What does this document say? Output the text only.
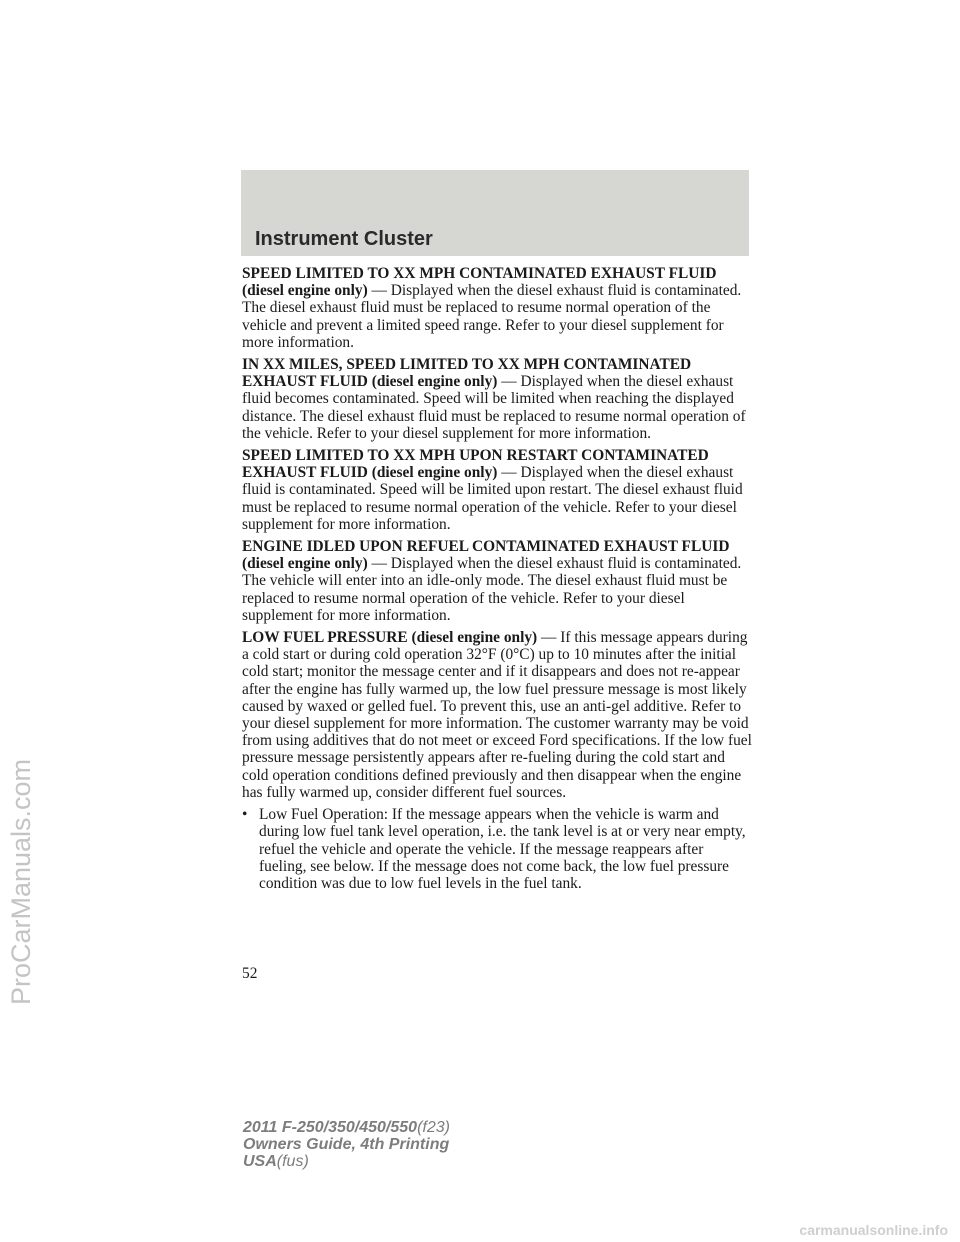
Instrument Cluster

SPEED LIMITED TO XX MPH CONTAMINATED EXHAUST FLUID (diesel engine only) — Displayed when the diesel exhaust fluid is contaminated. The diesel exhaust fluid must be replaced to resume normal operation of the vehicle and prevent a limited speed range. Refer to your diesel supplement for more information.

IN XX MILES, SPEED LIMITED TO XX MPH CONTAMINATED EXHAUST FLUID (diesel engine only) — Displayed when the diesel exhaust fluid becomes contaminated. Speed will be limited when reaching the displayed distance. The diesel exhaust fluid must be replaced to resume normal operation of the vehicle. Refer to your diesel supplement for more information.

SPEED LIMITED TO XX MPH UPON RESTART CONTAMINATED EXHAUST FLUID (diesel engine only) — Displayed when the diesel exhaust fluid is contaminated. Speed will be limited upon restart. The diesel exhaust fluid must be replaced to resume normal operation of the vehicle. Refer to your diesel supplement for more information.

ENGINE IDLED UPON REFUEL CONTAMINATED EXHAUST FLUID (diesel engine only) — Displayed when the diesel exhaust fluid is contaminated. The vehicle will enter into an idle-only mode. The diesel exhaust fluid must be replaced to resume normal operation of the vehicle. Refer to your diesel supplement for more information.

LOW FUEL PRESSURE (diesel engine only) — If this message appears during a cold start or during cold operation 32°F (0°C) up to 10 minutes after the initial cold start; monitor the message center and if it disappears and does not re-appear after the engine has fully warmed up, the low fuel pressure message is most likely caused by waxed or gelled fuel. To prevent this, use an anti-gel additive. Refer to your diesel supplement for more information. The customer warranty may be void from using additives that do not meet or exceed Ford specifications. If the low fuel pressure message persistently appears after re-fueling during the cold start and cold operation conditions defined previously and then disappear when the engine has fully warmed up, consider different fuel sources.

• Low Fuel Operation: If the message appears when the vehicle is warm and during low fuel tank level operation, i.e. the tank level is at or very near empty, refuel the vehicle and operate the vehicle. If the message reappears after fueling, see below. If the message does not come back, the low fuel pressure condition was due to low fuel levels in the fuel tank.
52
2011 F-250/350/450/550(f23)
Owners Guide, 4th Printing
USA(fus)
ProCarManuals.com
carmanualsonline.info
